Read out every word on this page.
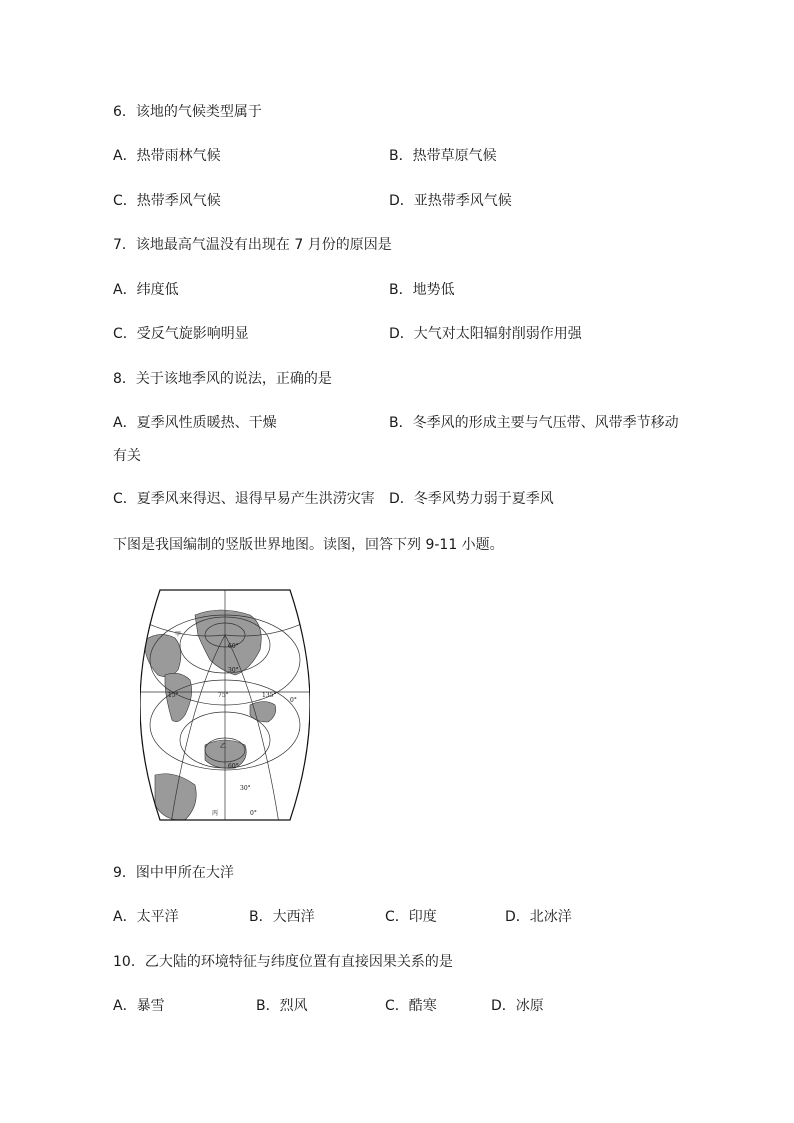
6．该地的气候类型属于
A．热带雨林气候	B．热带草原气候
C．热带季风气候	D．亚热带季风气候
7．该地最高气温没有出现在 7 月份的原因是
A．纬度低	B．地势低
C．受反气旋影响明显	D．大气对太阳辐射削弱作用强
8．关于该地季风的说法，正确的是
A．夏季风性质暖热、干燥	B．冬季风的形成主要与气压带、风带季节移动
有关
C．夏季风来得迟、退得早易产生洪涝灾害 D．冬季风势力弱于夏季风
下图是我国编制的竖版世界地图。读图，回答下列 9-11 小题。
甲
乙
丙
60°
30°
15°	75°	135°
0°
60°
30°
0°
9．图中甲所在大洋
A．太平洋	B．大西洋	C．印度	D．北冰洋
10．乙大陆的环境特征与纬度位置有直接因果关系的是
A．暴雪	B．烈风	C．酷寒	D．冰原
